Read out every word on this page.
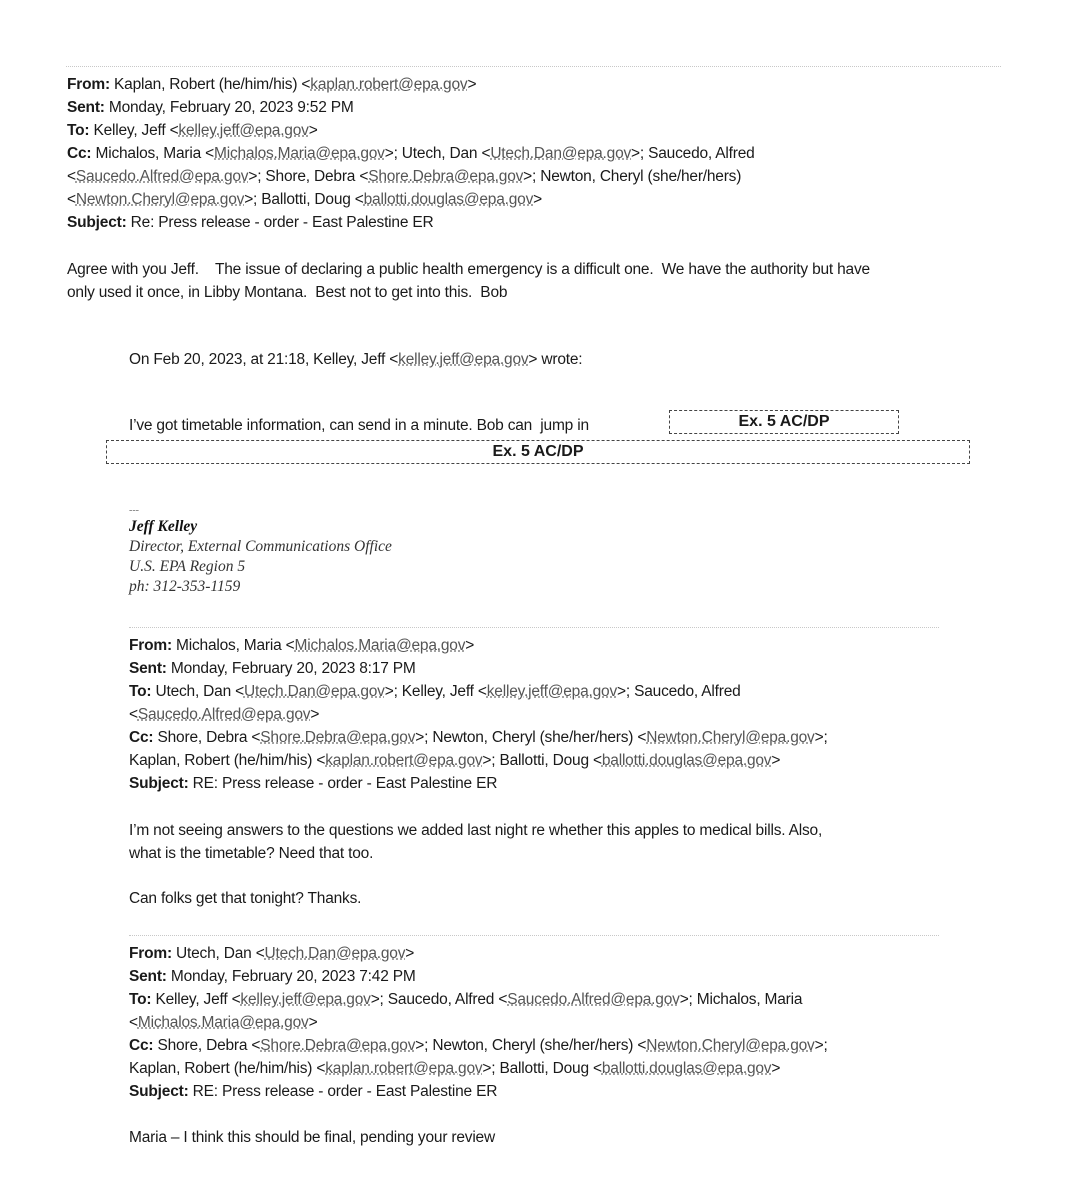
From: Kaplan, Robert (he/him/his) <kaplan.robert@epa.gov>
Sent: Monday, February 20, 2023 9:52 PM
To: Kelley, Jeff <kelley.jeff@epa.gov>
Cc: Michalos, Maria <Michalos.Maria@epa.gov>; Utech, Dan <Utech.Dan@epa.gov>; Saucedo, Alfred
<Saucedo.Alfred@epa.gov>; Shore, Debra <Shore.Debra@epa.gov>; Newton, Cheryl (she/her/hers)
<Newton.Cheryl@epa.gov>; Ballotti, Doug <ballotti.douglas@epa.gov>
Subject: Re: Press release - order - East Palestine ER
Agree with you Jeff.    The issue of declaring a public health emergency is a difficult one.  We have the authority but have
only used it once, in Libby Montana.  Best not to get into this.  Bob
On Feb 20, 2023, at 21:18, Kelley, Jeff <kelley.jeff@epa.gov> wrote:
I’ve got timetable information, can send in a minute. Bob can  jump in	Ex. 5 AC/DP
Ex. 5 AC/DP
---
Jeff Kelley
Director, External Communications Office
U.S. EPA Region 5
ph: 312-353-1159
From: Michalos, Maria <Michalos.Maria@epa.gov>
Sent: Monday, February 20, 2023 8:17 PM
To: Utech, Dan <Utech.Dan@epa.gov>; Kelley, Jeff <kelley.jeff@epa.gov>; Saucedo, Alfred
<Saucedo.Alfred@epa.gov>
Cc: Shore, Debra <Shore.Debra@epa.gov>; Newton, Cheryl (she/her/hers) <Newton.Cheryl@epa.gov>;
Kaplan, Robert (he/him/his) <kaplan.robert@epa.gov>; Ballotti, Doug <ballotti.douglas@epa.gov>
Subject: RE: Press release - order - East Palestine ER
I’m not seeing answers to the questions we added last night re whether this apples to medical bills. Also,
what is the timetable? Need that too.
Can folks get that tonight? Thanks.
From: Utech, Dan <Utech.Dan@epa.gov>
Sent: Monday, February 20, 2023 7:42 PM
To: Kelley, Jeff <kelley.jeff@epa.gov>; Saucedo, Alfred <Saucedo.Alfred@epa.gov>; Michalos, Maria
<Michalos.Maria@epa.gov>
Cc: Shore, Debra <Shore.Debra@epa.gov>; Newton, Cheryl (she/her/hers) <Newton.Cheryl@epa.gov>;
Kaplan, Robert (he/him/his) <kaplan.robert@epa.gov>; Ballotti, Doug <ballotti.douglas@epa.gov>
Subject: RE: Press release - order - East Palestine ER
Maria – I think this should be final, pending your review
